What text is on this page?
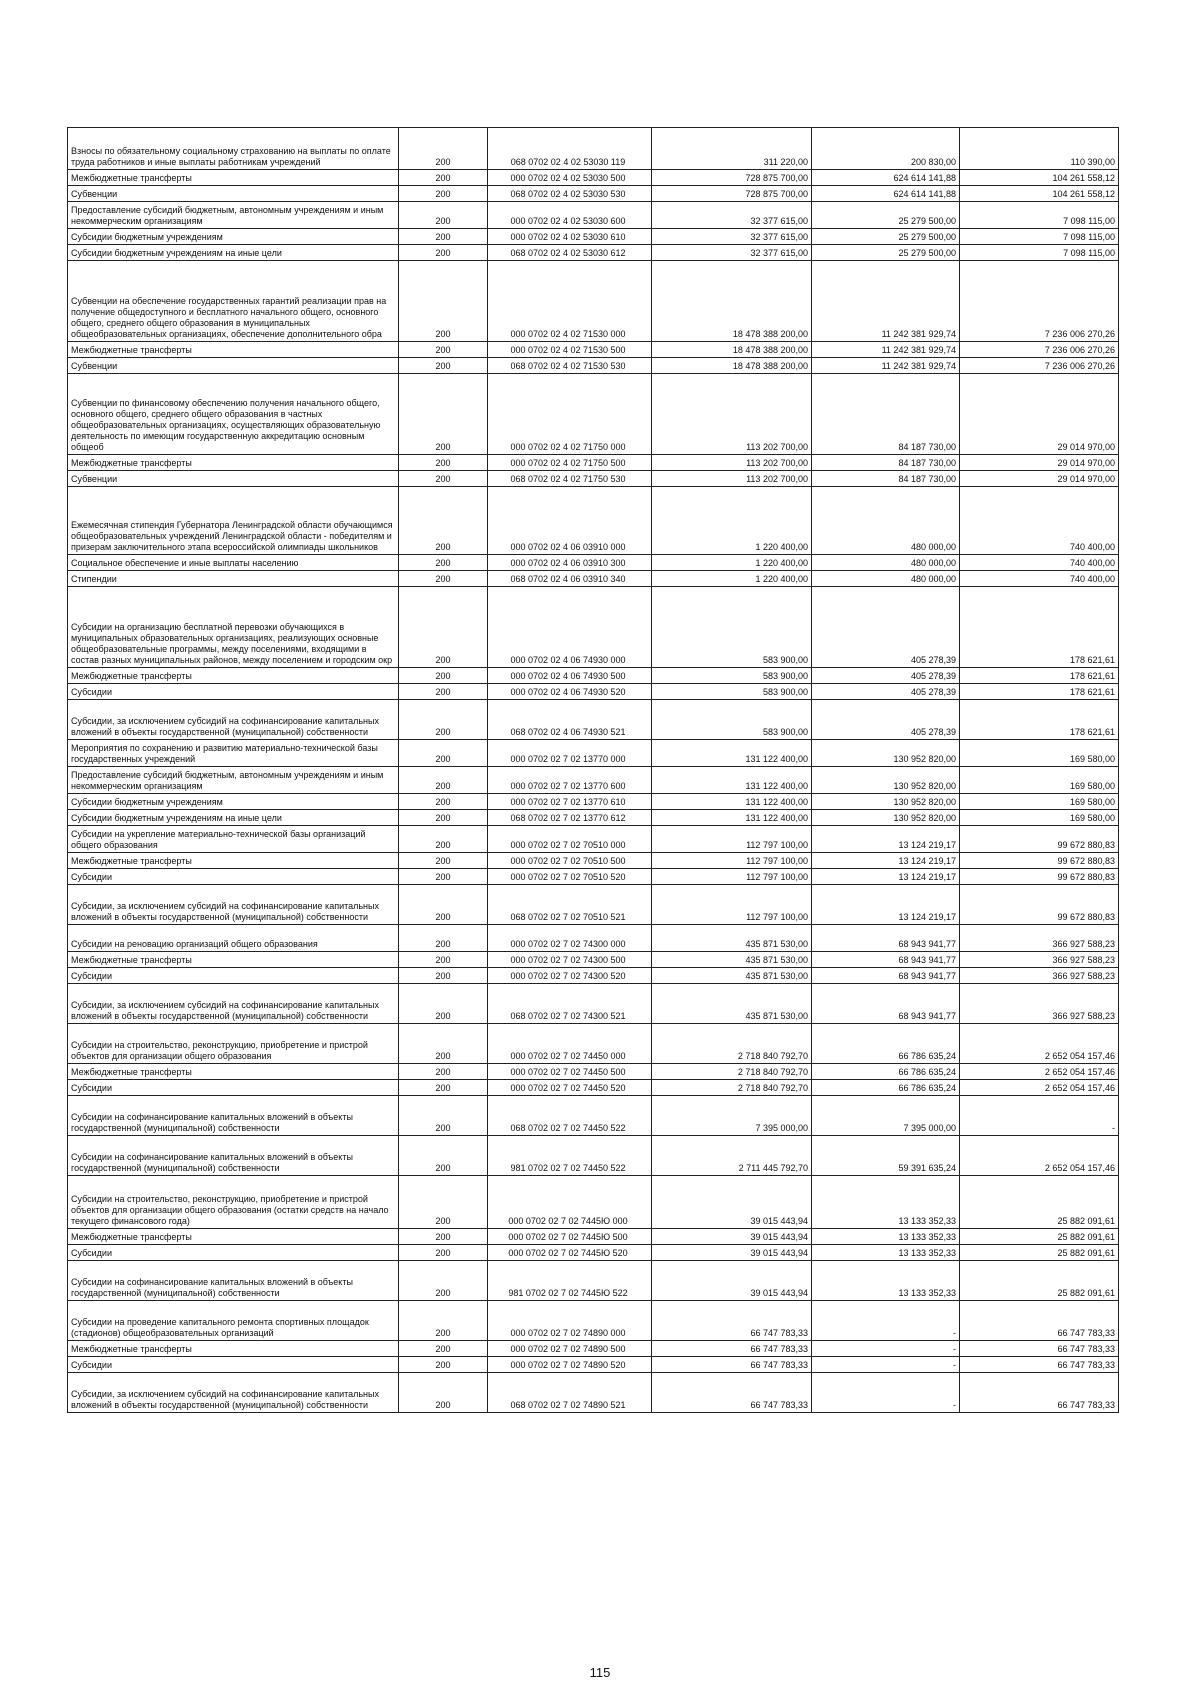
Взносы по обязательному социальному страхованию на выплаты по оплате труда работников и иные выплаты работникам учреждений	200	068 0702 02 4 02 53030 119	311 220,00	200 830,00	110 390,00
Межбюджетные трансферты	200	000 0702 02 4 02 53030 500	728 875 700,00	624 614 141,88	104 261 558,12
Субвенции	200	068 0702 02 4 02 53030 530	728 875 700,00	624 614 141,88	104 261 558,12
Предоставление субсидий бюджетным, автономным учреждениям и иным некоммерческим организациям	200	000 0702 02 4 02 53030 600	32 377 615,00	25 279 500,00	7 098 115,00
Субсидии бюджетным учреждениям	200	000 0702 02 4 02 53030 610	32 377 615,00	25 279 500,00	7 098 115,00
Субсидии бюджетным учреждениям на иные цели	200	068 0702 02 4 02 53030 612	32 377 615,00	25 279 500,00	7 098 115,00
Субвенции на обеспечение государственных гарантий реализации прав на получение общедоступного и бесплатного начального общего, основного общего, среднего общего образования в муниципальных общеобразовательных организациях, обеспечение дополнительного обра	200	000 0702 02 4 02 71530 000	18 478 388 200,00	11 242 381 929,74	7 236 006 270,26
Межбюджетные трансферты	200	000 0702 02 4 02 71530 500	18 478 388 200,00	11 242 381 929,74	7 236 006 270,26
Субвенции	200	068 0702 02 4 02 71530 530	18 478 388 200,00	11 242 381 929,74	7 236 006 270,26
Субвенции по финансовому обеспечению получения начального общего, основного общего, среднего общего образования в частных общеобразовательных организациях, осуществляющих образовательную деятельность по имеющим государственную аккредитацию основным общеоб	200	000 0702 02 4 02 71750 000	113 202 700,00	84 187 730,00	29 014 970,00
Межбюджетные трансферты	200	000 0702 02 4 02 71750 500	113 202 700,00	84 187 730,00	29 014 970,00
Субвенции	200	068 0702 02 4 02 71750 530	113 202 700,00	84 187 730,00	29 014 970,00
Ежемесячная стипендия Губернатора Ленинградской области обучающимся общеобразовательных учреждений Ленинградской области - победителям и призерам заключительного этапа всероссийской олимпиады школьников	200	000 0702 02 4 06 03910 000	1 220 400,00	480 000,00	740 400,00
Социальное обеспечение и иные выплаты населению	200	000 0702 02 4 06 03910 300	1 220 400,00	480 000,00	740 400,00
Стипендии	200	068 0702 02 4 06 03910 340	1 220 400,00	480 000,00	740 400,00
Субсидии на организацию бесплатной перевозки обучающихся в муниципальных образовательных организациях, реализующих основные общеобразовательные программы, между поселениями, входящими в состав разных муниципальных районов, между поселением и городским окр	200	000 0702 02 4 06 74930 000	583 900,00	405 278,39	178 621,61
Межбюджетные трансферты	200	000 0702 02 4 06 74930 500	583 900,00	405 278,39	178 621,61
Субсидии	200	000 0702 02 4 06 74930 520	583 900,00	405 278,39	178 621,61
Субсидии, за исключением субсидий на софинансирование капитальных вложений в объекты государственной (муниципальной) собственности	200	068 0702 02 4 06 74930 521	583 900,00	405 278,39	178 621,61
Мероприятия по сохранению и развитию материально-технической базы государственных учреждений	200	000 0702 02 7 02 13770 000	131 122 400,00	130 952 820,00	169 580,00
Предоставление субсидий бюджетным, автономным учреждениям и иным некоммерческим организациям	200	000 0702 02 7 02 13770 600	131 122 400,00	130 952 820,00	169 580,00
Субсидии бюджетным учреждениям	200	000 0702 02 7 02 13770 610	131 122 400,00	130 952 820,00	169 580,00
Субсидии бюджетным учреждениям на иные цели	200	068 0702 02 7 02 13770 612	131 122 400,00	130 952 820,00	169 580,00
Субсидии на укрепление материально-технической базы организаций общего образования	200	000 0702 02 7 02 70510 000	112 797 100,00	13 124 219,17	99 672 880,83
Межбюджетные трансферты	200	000 0702 02 7 02 70510 500	112 797 100,00	13 124 219,17	99 672 880,83
Субсидии	200	000 0702 02 7 02 70510 520	112 797 100,00	13 124 219,17	99 672 880,83
Субсидии, за исключением субсидий на софинансирование капитальных вложений в объекты государственной (муниципальной) собственности	200	068 0702 02 7 02 70510 521	112 797 100,00	13 124 219,17	99 672 880,83
Субсидии на реновацию организаций общего образования	200	000 0702 02 7 02 74300 000	435 871 530,00	68 943 941,77	366 927 588,23
Межбюджетные трансферты	200	000 0702 02 7 02 74300 500	435 871 530,00	68 943 941,77	366 927 588,23
Субсидии	200	000 0702 02 7 02 74300 520	435 871 530,00	68 943 941,77	366 927 588,23
Субсидии, за исключением субсидий на софинансирование капитальных вложений в объекты государственной (муниципальной) собственности	200	068 0702 02 7 02 74300 521	435 871 530,00	68 943 941,77	366 927 588,23
Субсидии на строительство, реконструкцию, приобретение и пристрой объектов для организации общего образования	200	000 0702 02 7 02 74450 000	2 718 840 792,70	66 786 635,24	2 652 054 157,46
Межбюджетные трансферты	200	000 0702 02 7 02 74450 500	2 718 840 792,70	66 786 635,24	2 652 054 157,46
Субсидии	200	000 0702 02 7 02 74450 520	2 718 840 792,70	66 786 635,24	2 652 054 157,46
Субсидии на софинансирование капитальных вложений в объекты государственной (муниципальной) собственности	200	068 0702 02 7 02 74450 522	7 395 000,00	7 395 000,00	-
Субсидии на софинансирование капитальных вложений в объекты государственной (муниципальной) собственности	200	981 0702 02 7 02 74450 522	2 711 445 792,70	59 391 635,24	2 652 054 157,46
Субсидии на строительство, реконструкцию, приобретение и пристрой объектов для организации общего образования (остатки средств на начало текущего финансового года)	200	000 0702 02 7 02 7445Ю 000	39 015 443,94	13 133 352,33	25 882 091,61
Межбюджетные трансферты	200	000 0702 02 7 02 7445Ю 500	39 015 443,94	13 133 352,33	25 882 091,61
Субсидии	200	000 0702 02 7 02 7445Ю 520	39 015 443,94	13 133 352,33	25 882 091,61
Субсидии на софинансирование капитальных вложений в объекты государственной (муниципальной) собственности	200	981 0702 02 7 02 7445Ю 522	39 015 443,94	13 133 352,33	25 882 091,61
Субсидии на проведение капитального ремонта спортивных площадок (стадионов) общеобразовательных организаций	200	000 0702 02 7 02 74890 000	66 747 783,33	-	66 747 783,33
Межбюджетные трансферты	200	000 0702 02 7 02 74890 500	66 747 783,33	-	66 747 783,33
Субсидии	200	000 0702 02 7 02 74890 520	66 747 783,33	-	66 747 783,33
Субсидии, за исключением субсидий на софинансирование капитальных вложений в объекты государственной (муниципальной) собственности	200	068 0702 02 7 02 74890 521	66 747 783,33	-	66 747 783,33
115
